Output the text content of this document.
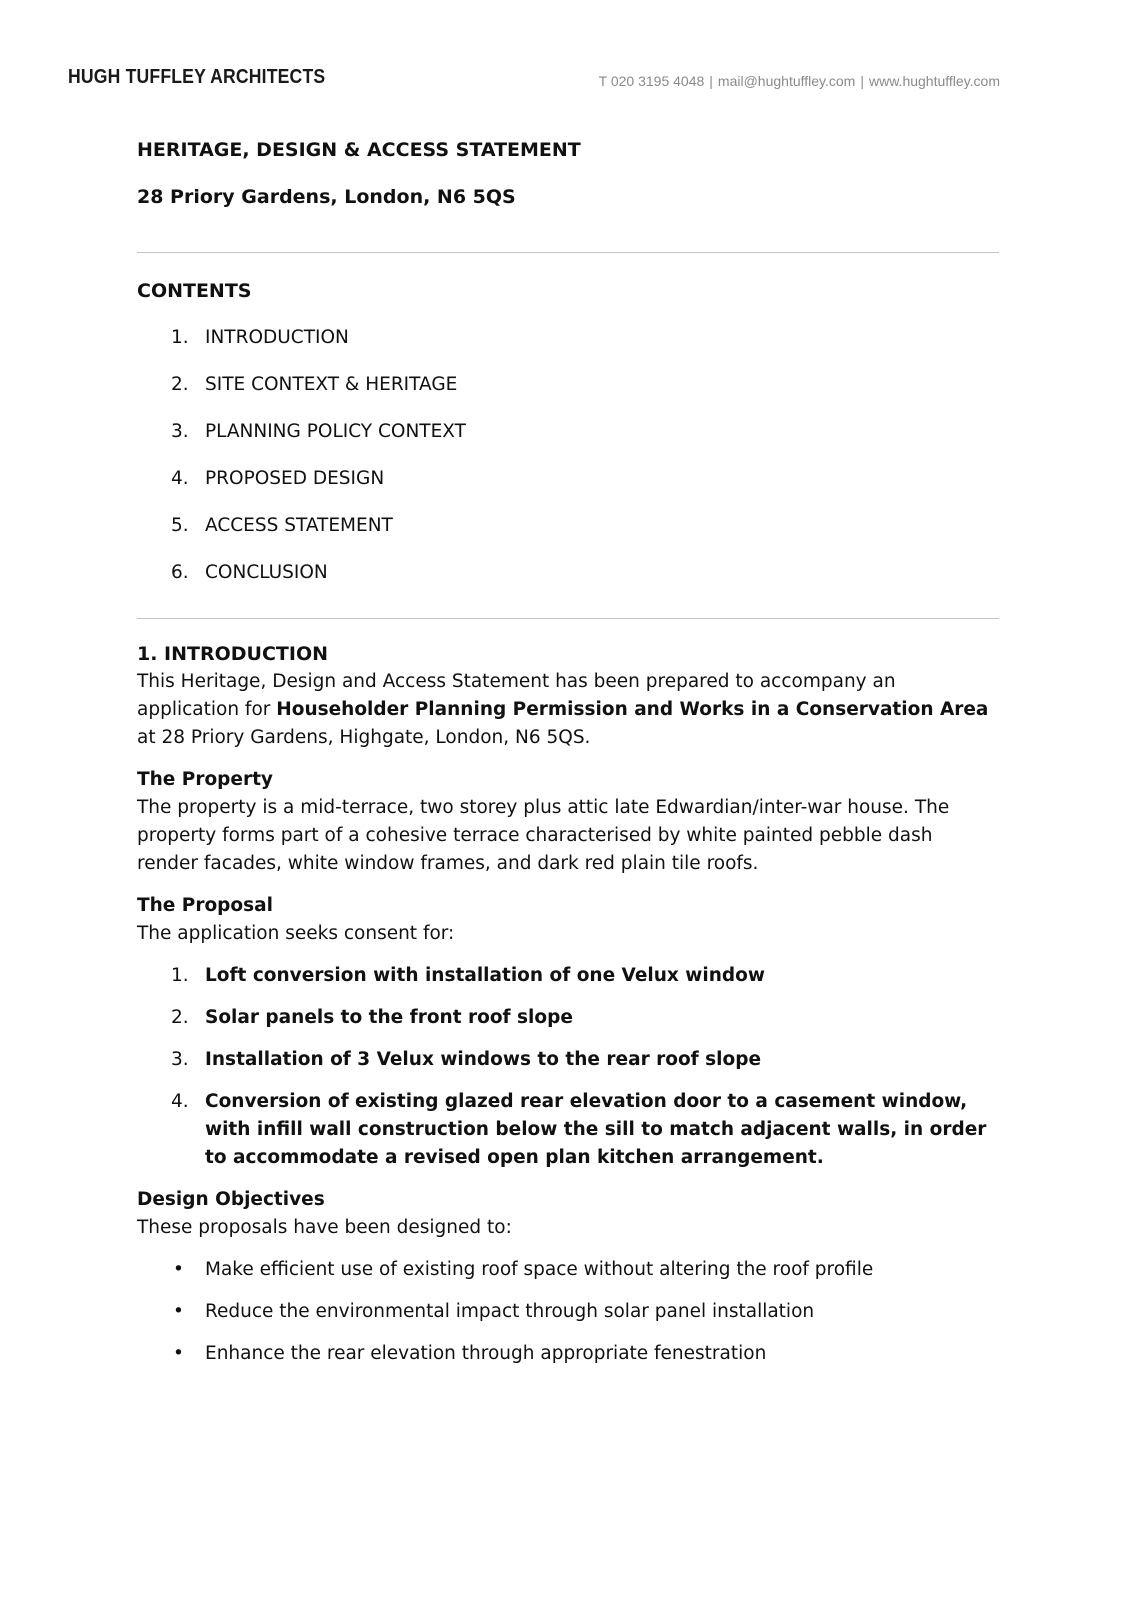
HUGH TUFFLEY ARCHITECTS	T 020 3195 4048 | mail@hughtuffley.com | www.hughtuffley.com
HERITAGE, DESIGN & ACCESS STATEMENT
28 Priory Gardens, London, N6 5QS
CONTENTS
1. INTRODUCTION
2. SITE CONTEXT & HERITAGE
3. PLANNING POLICY CONTEXT
4. PROPOSED DESIGN
5. ACCESS STATEMENT
6. CONCLUSION
1. INTRODUCTION

This Heritage, Design and Access Statement has been prepared to accompany an application for Householder Planning Permission and Works in a Conservation Area at 28 Priory Gardens, Highgate, London, N6 5QS.

The Property

The property is a mid-terrace, two storey plus attic late Edwardian/inter-war house. The property forms part of a cohesive terrace characterised by white painted pebble dash render facades, white window frames, and dark red plain tile roofs.

The Proposal

The application seeks consent for:

1. Loft conversion with installation of one Velux window
2. Solar panels to the front roof slope
3. Installation of 3 Velux windows to the rear roof slope
4. Conversion of existing glazed rear elevation door to a casement window, with infill wall construction below the sill to match adjacent walls, in order to accommodate a revised open plan kitchen arrangement.
Design Objectives

These proposals have been designed to:

• Make efficient use of existing roof space without altering the roof profile
• Reduce the environmental impact through solar panel installation
• Enhance the rear elevation through appropriate fenestration
